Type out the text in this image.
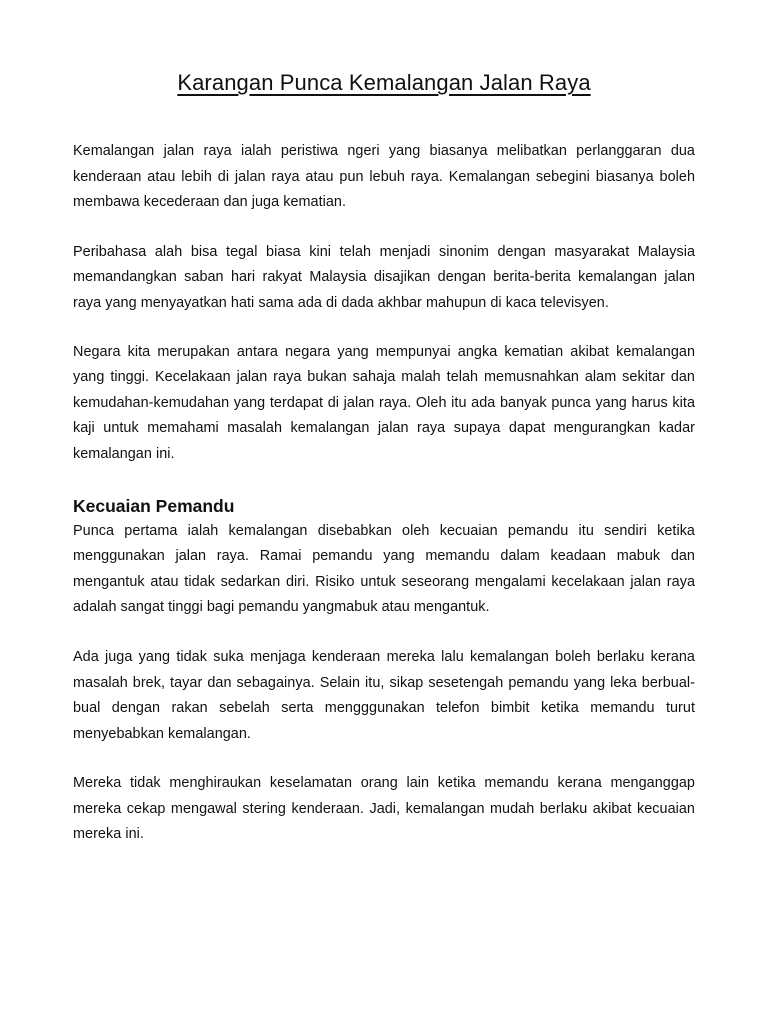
Karangan Punca Kemalangan Jalan Raya

Kemalangan jalan raya ialah peristiwa ngeri yang biasanya melibatkan perlanggaran dua kenderaan atau lebih di jalan raya atau pun lebuh raya. Kemalangan sebegini biasanya boleh membawa kecederaan dan juga kematian.

Peribahasa alah bisa tegal biasa kini telah menjadi sinonim dengan masyarakat Malaysia memandangkan saban hari rakyat Malaysia disajikan dengan berita-berita kemalangan jalan raya yang menyayatkan hati sama ada di dada akhbar mahupun di kaca televisyen.

Negara kita merupakan antara negara yang mempunyai angka kematian akibat kemalangan yang tinggi. Kecelakaan jalan raya bukan sahaja malah telah memusnahkan alam sekitar dan kemudahan-kemudahan yang terdapat di jalan raya. Oleh itu ada banyak punca yang harus kita kaji untuk memahami masalah kemalangan jalan raya supaya dapat mengurangkan kadar kemalangan ini.

Kecuaian Pemandu

Punca pertama ialah kemalangan disebabkan oleh kecuaian pemandu itu sendiri ketika menggunakan jalan raya. Ramai pemandu yang memandu dalam keadaan mabuk dan mengantuk atau tidak sedarkan diri. Risiko untuk seseorang mengalami kecelakaan jalan raya adalah sangat tinggi bagi pemandu yangmabuk atau mengantuk.

Ada juga yang tidak suka menjaga kenderaan mereka lalu kemalangan boleh berlaku kerana masalah brek, tayar dan sebagainya. Selain itu, sikap sesetengah pemandu yang leka berbual-bual dengan rakan sebelah serta mengggunakan telefon bimbit ketika memandu turut menyebabkan kemalangan.

Mereka tidak menghiraukan keselamatan orang lain ketika memandu kerana menganggap mereka cekap mengawal stering kenderaan. Jadi, kemalangan mudah berlaku akibat kecuaian mereka ini.
